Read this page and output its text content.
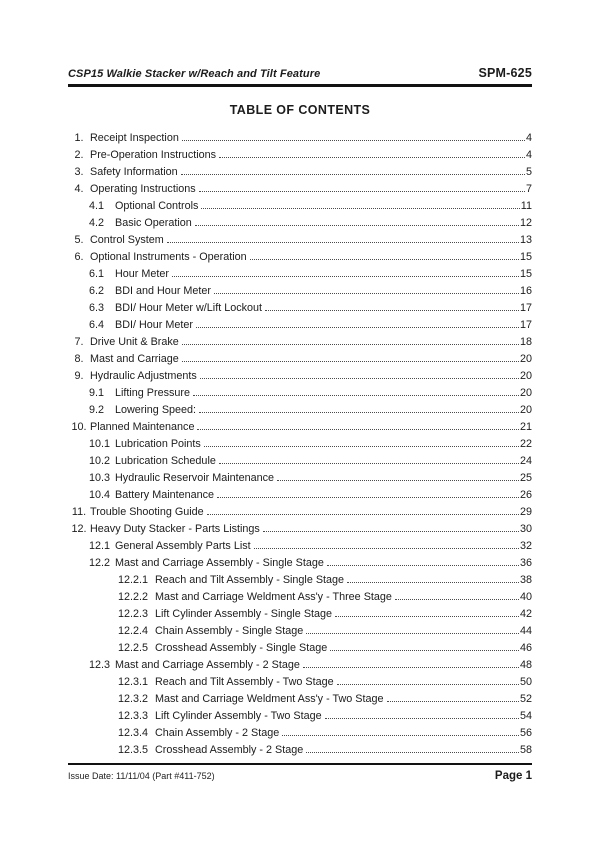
CSP15 Walkie Stacker w/Reach and Tilt Feature	SPM-625
TABLE OF CONTENTS
1. Receipt Inspection	4
2. Pre-Operation Instructions	4
3. Safety Information	5
4. Operating Instructions	7
4.1	Optional Controls	11
4.2	Basic Operation	12
5. Control System	13
6. Optional Instruments - Operation	15
6.1	Hour Meter	15
6.2	BDI and Hour Meter	16
6.3	BDI/ Hour Meter w/Lift Lockout	17
6.4	BDI/ Hour Meter	17
7. Drive Unit & Brake	18
8. Mast and Carriage	20
9. Hydraulic Adjustments	20
9.1	Lifting Pressure	20
9.2	Lowering Speed:	20
10. Planned Maintenance	21
10.1 Lubrication Points	22
10.2 Lubrication Schedule	24
10.3 Hydraulic Reservoir Maintenance	25
10.4 Battery Maintenance	26
11. Trouble Shooting Guide	29
12. Heavy Duty Stacker - Parts Listings	30
12.1 General Assembly Parts List	32
12.2 Mast and Carriage Assembly - Single Stage	36
12.2.1 Reach and Tilt Assembly - Single Stage	38
12.2.2 Mast and Carriage Weldment Ass'y - Three Stage	40
12.2.3 Lift Cylinder Assembly - Single Stage	42
12.2.4 Chain Assembly - Single Stage	44
12.2.5 Crosshead Assembly - Single Stage	46
12.3 Mast and Carriage Assembly - 2 Stage	48
12.3.1 Reach and Tilt Assembly - Two Stage	50
12.3.2 Mast and Carriage Weldment Ass'y - Two Stage	52
12.3.3 Lift Cylinder Assembly - Two Stage	54
12.3.4 Chain Assembly - 2 Stage	56
12.3.5 Crosshead Assembly - 2 Stage	58
Issue Date: 11/11/04 (Part #411-752)	Page 1
